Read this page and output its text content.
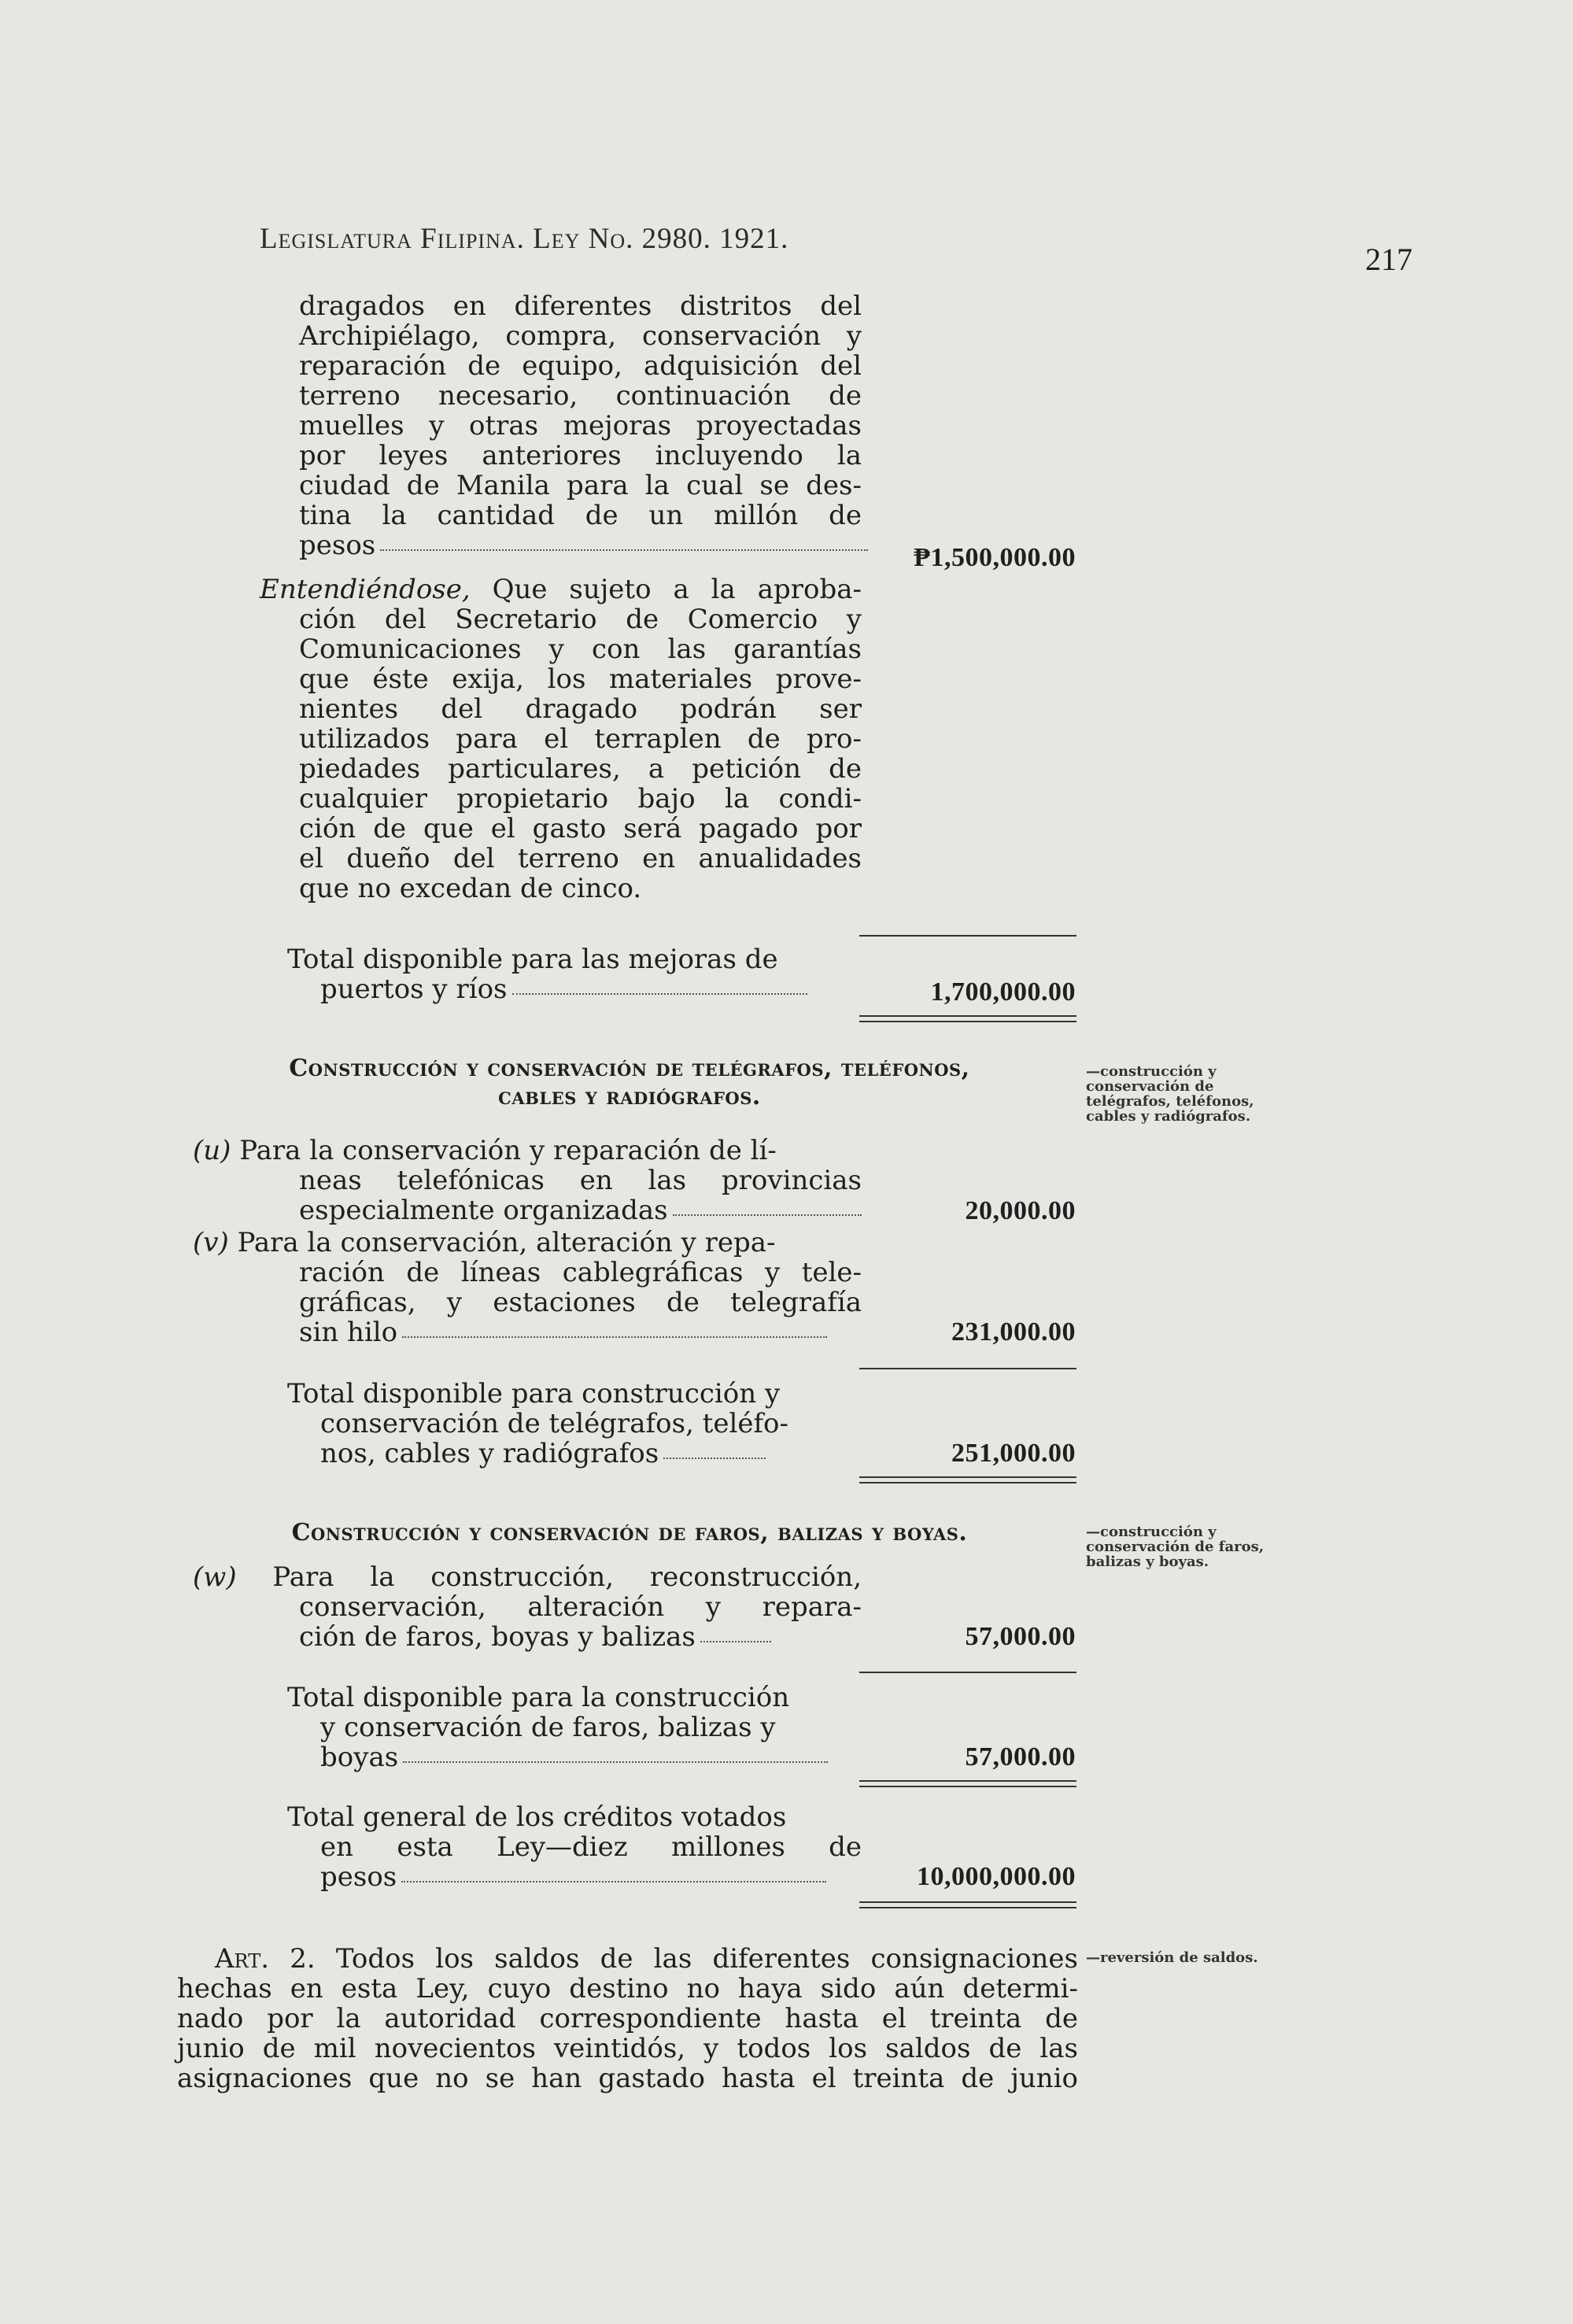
Legislatura Filipina. Ley No. 2980. 1921.
217
dragados en diferentes distritos del
Archipiélago, compra, conservación y
reparación de equipo, adquisición del
terreno necesario, continuación de
muelles y otras mejoras proyectadas
por leyes anteriores incluyendo la
ciudad de Manila para la cual se des-
tina la cantidad de un millón de
pesos	₱1,500,000.00
Entendiéndose, Que sujeto a la aproba-
ción del Secretario de Comercio y
Comunicaciones y con las garantías
que éste exija, los materiales prove-
nientes del dragado podrán ser
utilizados para el terraplen de pro-
piedades particulares, a petición de
cualquier propietario bajo la condi-
ción de que el gasto será pagado por
el dueño del terreno en anualidades
que no excedan de cinco.
Total disponible para las mejoras de
puertos y ríos	1,700,000.00
Construcción y conservación de telégrafos, teléfonos,
cables y radiógrafos.
—construcción y conservación de telégrafos, teléfonos, cables y radiógrafos.
(u) Para la conservación y reparación de lí-
neas telefónicas en las provincias
especialmente organizadas	20,000.00
(v) Para la conservación, alteración y repa-
ración de líneas cablegráficas y tele-
gráficas, y estaciones de telegrafía
sin hilo	231,000.00
Total disponible para construcción y
conservación de telégrafos, teléfo-
nos, cables y radiógrafos	251,000.00
Construcción y conservación de faros, balizas y boyas.	—construcción y conservación de faros, balizas y boyas.
(w) Para la construcción, reconstrucción,
conservación, alteración y repara-
ción de faros, boyas y balizas	57,000.00
Total disponible para la construcción
y conservación de faros, balizas y
boyas	57,000.00
Total general de los créditos votados
en esta Ley—diez millones de
pesos	10,000,000.00
Art. 2. Todos los saldos de las diferentes consignaciones
hechas en esta Ley, cuyo destino no haya sido aún determi-
nado por la autoridad correspondiente hasta el treinta de
junio de mil novecientos veintidós, y todos los saldos de las
asignaciones que no se han gastado hasta el treinta de junio
—reversión de saldos.
